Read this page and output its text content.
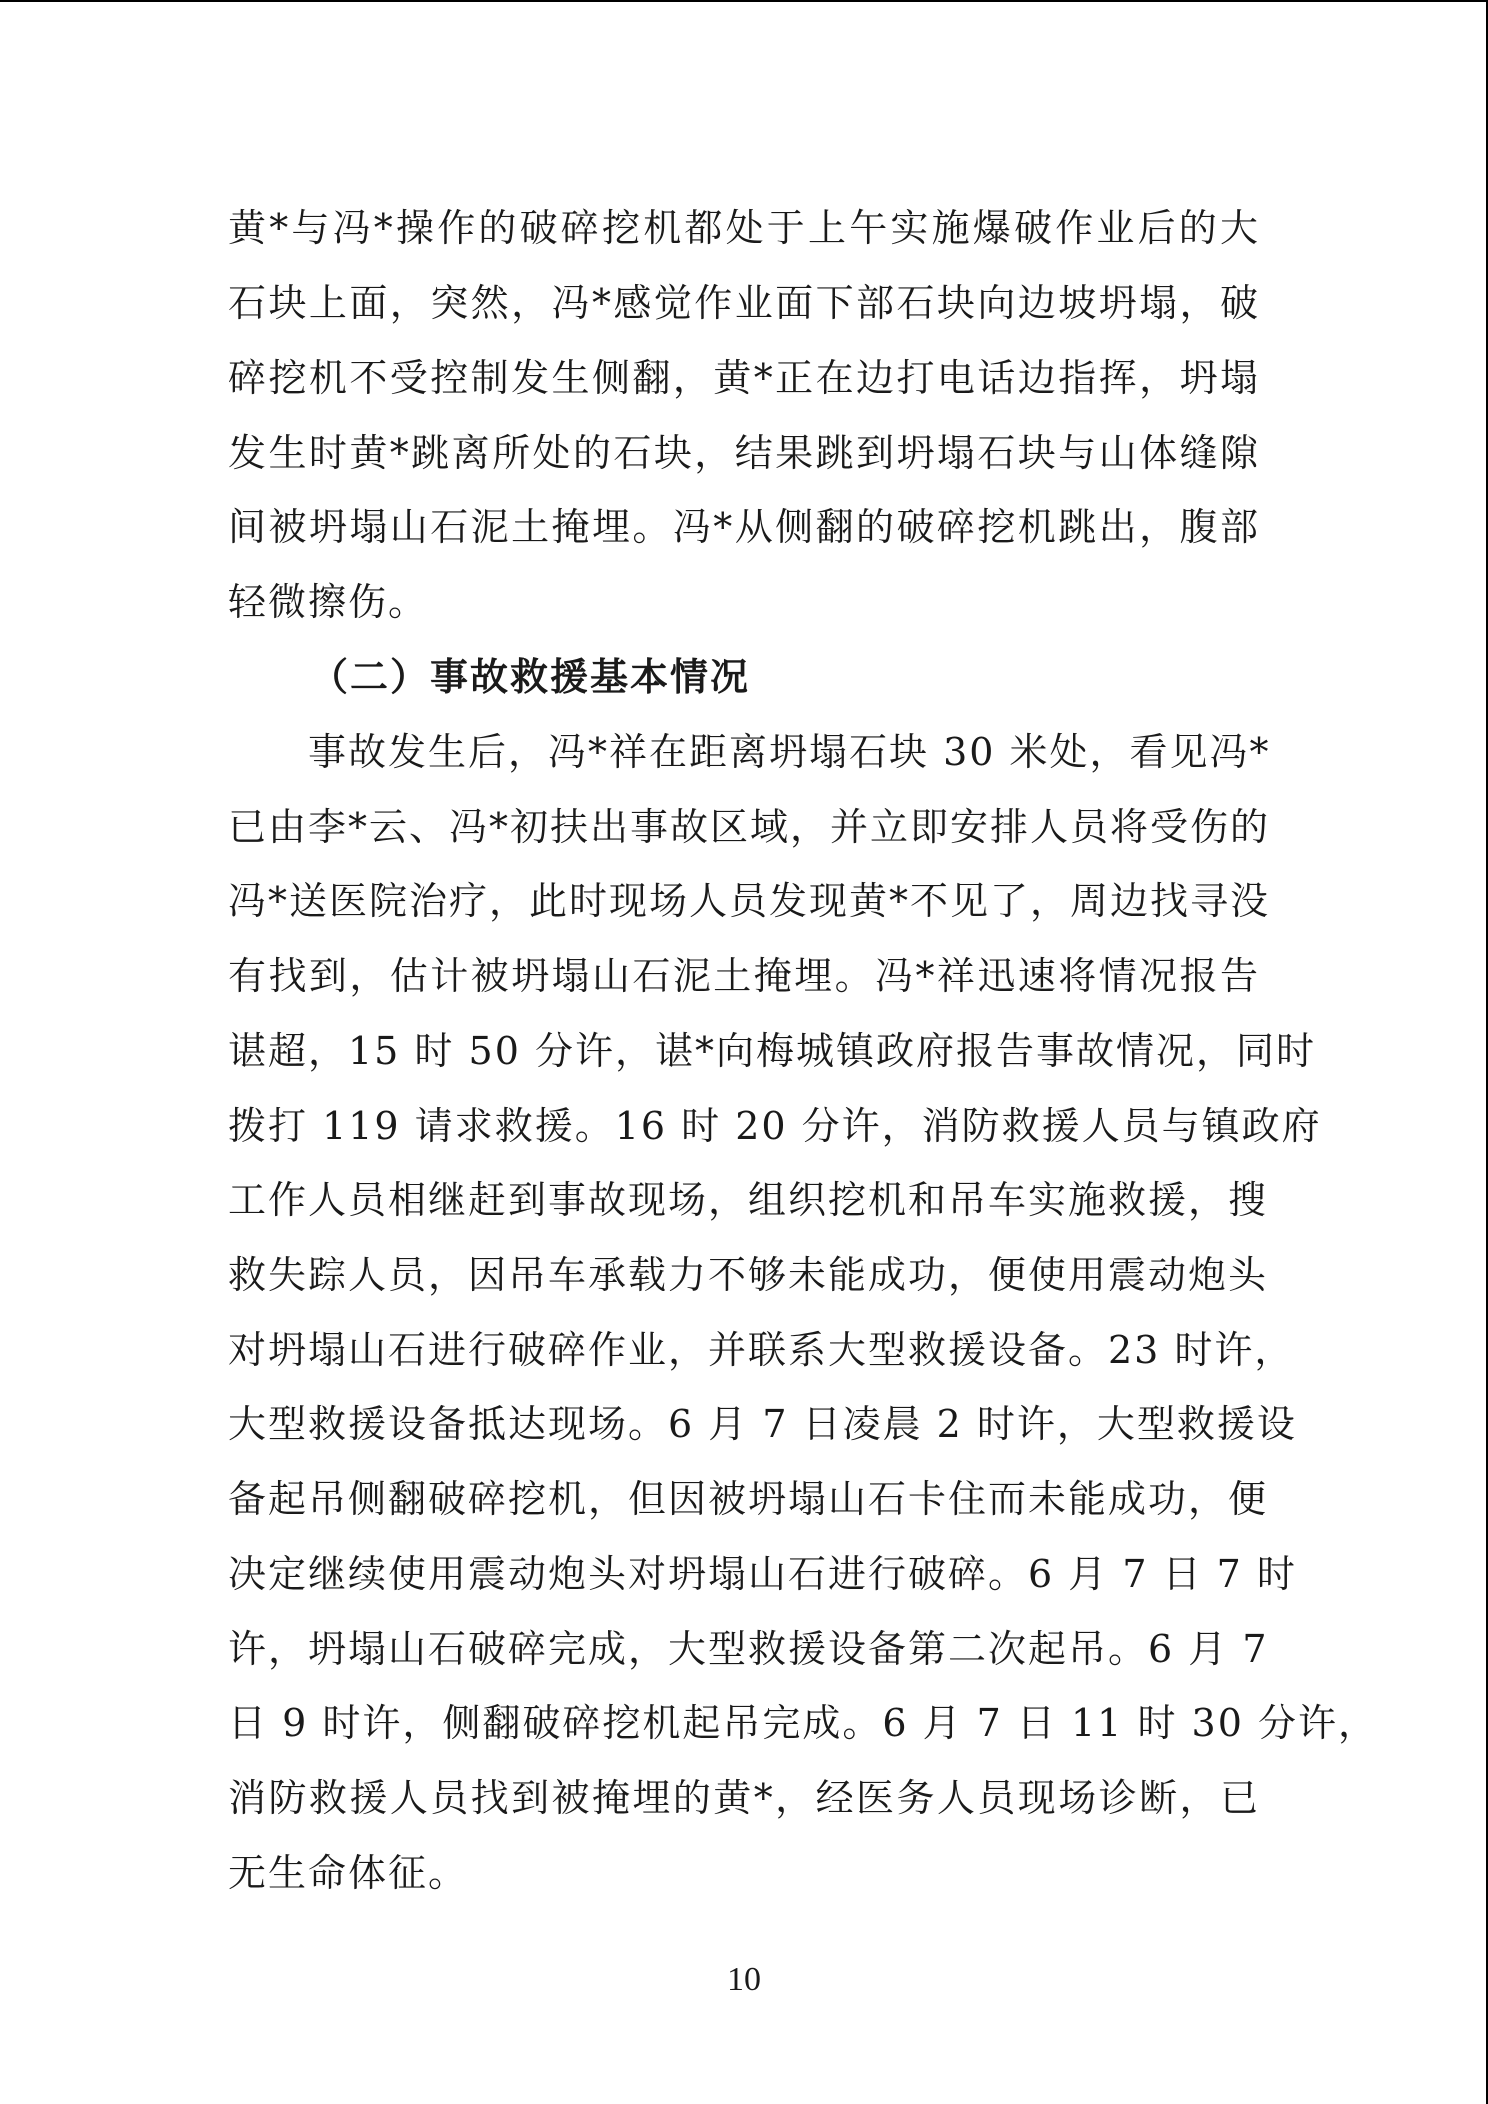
黄*与冯*操作的破碎挖机都处于上午实施爆破作业后的大
石块上面，突然，冯*感觉作业面下部石块向边坡坍塌，破
碎挖机不受控制发生侧翻，黄*正在边打电话边指挥，坍塌
发生时黄*跳离所处的石块，结果跳到坍塌石块与山体缝隙
间被坍塌山石泥土掩埋。冯*从侧翻的破碎挖机跳出，腹部
轻微擦伤。
（二）事故救援基本情况
事故发生后，冯*祥在距离坍塌石块 30 米处，看见冯*
已由李*云、冯*初扶出事故区域，并立即安排人员将受伤的
冯*送医院治疗，此时现场人员发现黄*不见了，周边找寻没
有找到，估计被坍塌山石泥土掩埋。冯*祥迅速将情况报告
谌超，15 时 50 分许，谌*向梅城镇政府报告事故情况，同时
拨打 119 请求救援。16 时 20 分许，消防救援人员与镇政府
工作人员相继赶到事故现场，组织挖机和吊车实施救援，搜
救失踪人员，因吊车承载力不够未能成功，便使用震动炮头
对坍塌山石进行破碎作业，并联系大型救援设备。23 时许，
大型救援设备抵达现场。6 月 7 日凌晨 2 时许，大型救援设
备起吊侧翻破碎挖机，但因被坍塌山石卡住而未能成功，便
决定继续使用震动炮头对坍塌山石进行破碎。6 月 7 日 7 时
许，坍塌山石破碎完成，大型救援设备第二次起吊。6 月 7
日 9 时许，侧翻破碎挖机起吊完成。6 月 7 日 11 时 30 分许，
消防救援人员找到被掩埋的黄*，经医务人员现场诊断，已
无生命体征。
10
